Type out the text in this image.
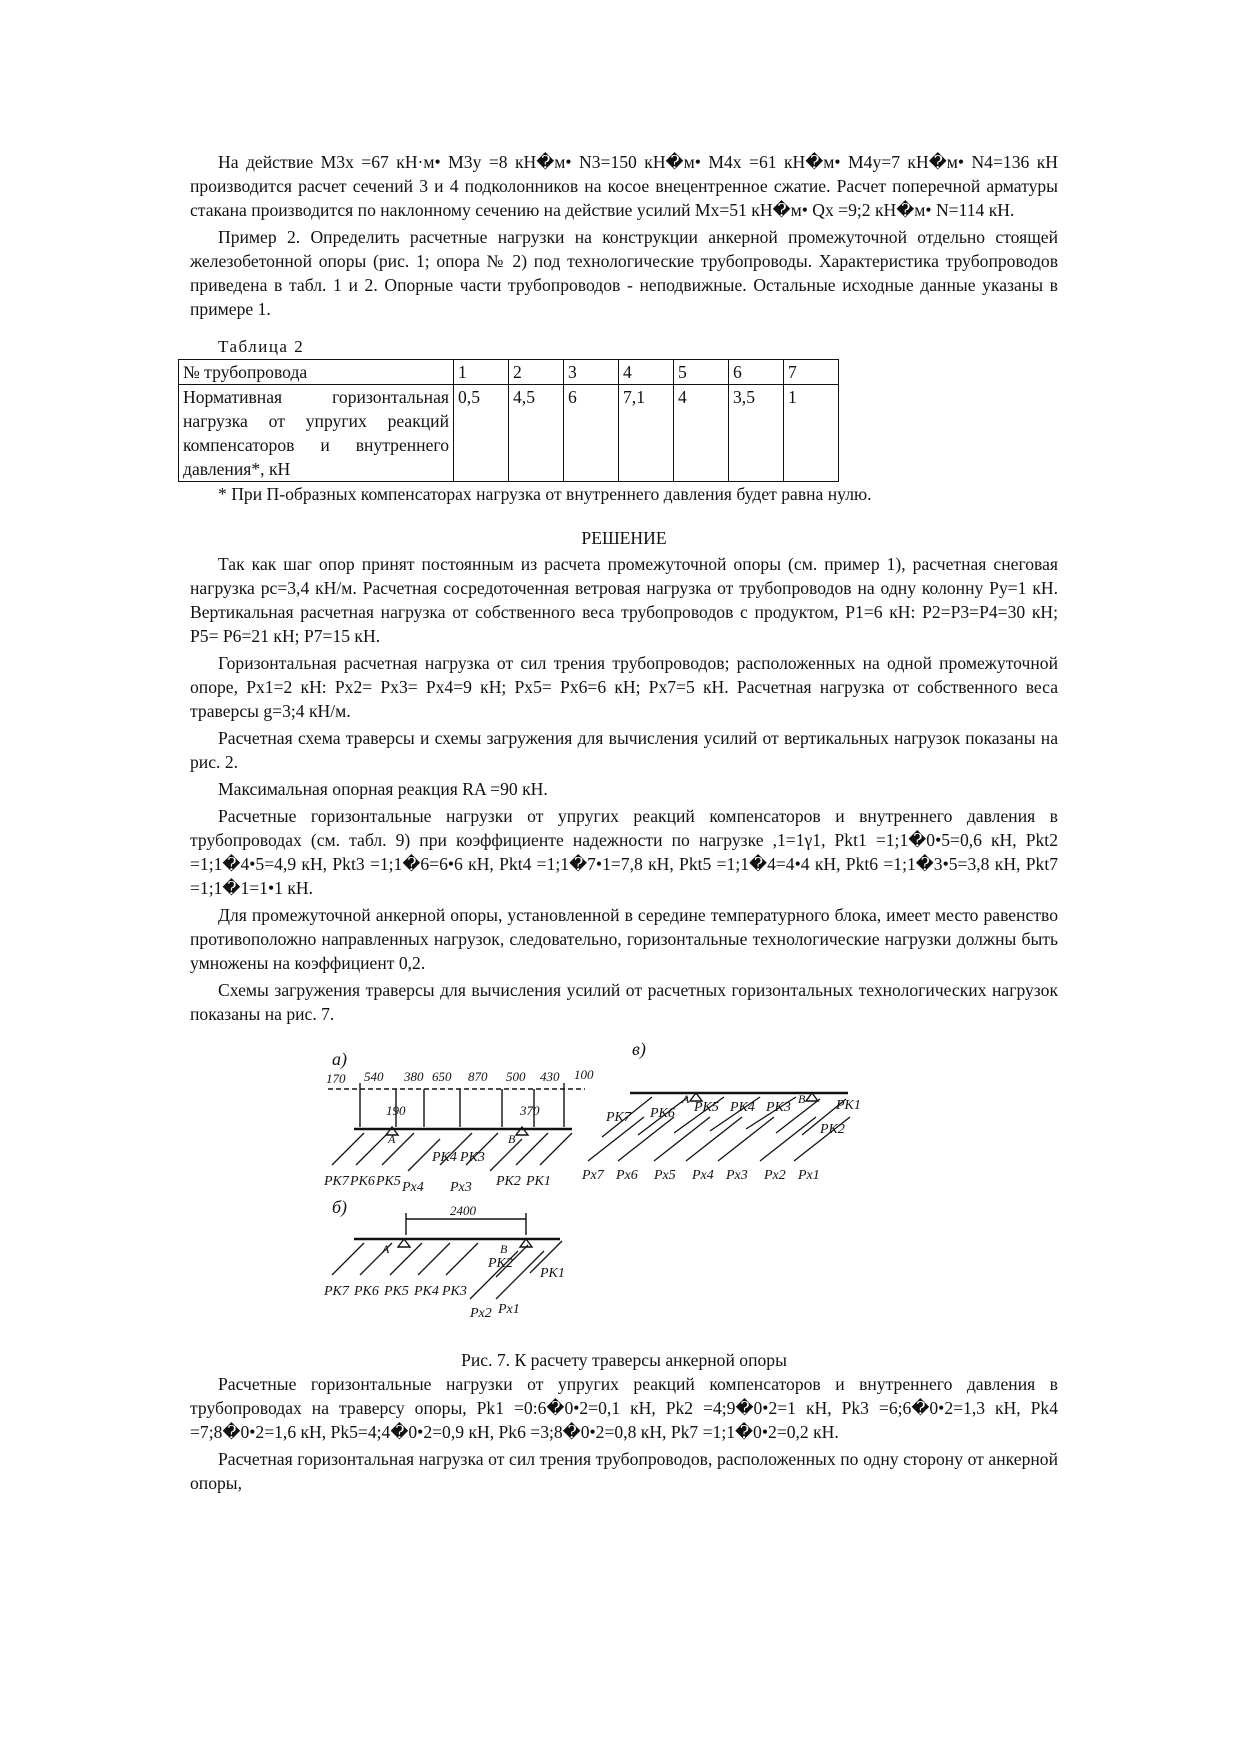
На действие M3x =67 кН·м• M3y =8 кН�м• N3=150 кН�м• M4x =61 кН�м• M4y=7 кН�м• N4=136 кН производится расчет сечений 3 и 4 подколонников на косое внецентренное сжатие. Расчет поперечной арматуры стакана производится по наклонному сечению на действие усилий Mx=51 кН�м• Qx =9;2 кН�м• N=114 кН.

Пример 2. Определить расчетные нагрузки на конструкции анкерной промежуточной отдельно стоящей железобетонной опоры (рис. 1; опора № 2) под технологические трубопроводы. Характеристика трубопроводов приведена в табл. 1 и 2. Опорные части трубопроводов - неподвижные. Остальные исходные данные указаны в примере 1.

Таблица 2
№ трубопровода	1	2	3	4	5	6	7
Нормативная горизонтальная нагрузка от упругих реакций компенсаторов и внутреннего давления*, кН	0,5	4,5	6	7,1	4	3,5	1

* При П-образных компенсаторах нагрузка от внутреннего давления будет равна нулю.

РЕШЕНИЕ

Так как шаг опор принят постоянным из расчета промежуточной опоры (см. пример 1), расчетная снеговая нагрузка pc=3,4 кН/м. Расчетная сосредоточенная ветровая нагрузка от трубопроводов на одну колонну Py=1 кН. Вертикальная расчетная нагрузка от собственного веса трубопроводов с продуктом, P1=6 кН: P2=P3=P4=30 кН; P5= P6=21 кН; P7=15 кН.

Горизонтальная расчетная нагрузка от сил трения трубопроводов; расположенных на одной промежуточной опоре, Px1=2 кН: Px2= Px3= Px4=9 кН; Px5= Px6=6 кН; Px7=5 кН. Расчетная нагрузка от собственного веса траверсы g=3;4 кН/м.

Расчетная схема траверсы и схемы загружения для вычисления усилий от вертикальных нагрузок показаны на рис. 2.

Максимальная опорная реакция RA =90 кН.

Расчетные горизонтальные нагрузки от упругих реакций компенсаторов и внутреннего давления в трубопроводах (см. табл. 9) при коэффициенте надежности по нагрузке ,1=1γ1, Pkt1 =1;1�0•5=0,6 кН, Pkt2 =1;1�4•5=4,9 кН, Pkt3 =1;1�6=6•6 кН, Pkt4 =1;1�7•1=7,8 кН, Pkt5 =1;1�4=4•4 кН, Pkt6 =1;1�3•5=3,8 кН, Pkt7 =1;1�1=1•1 кН.

Для промежуточной анкерной опоры, установленной в середине температурного блока, имеет место равенство противоположно направленных нагрузок, следовательно, горизонтальные технологические нагрузки должны быть умножены на коэффициент 0,2.

Схемы загружения траверсы для вычисления усилий от расчетных горизонтальных технологических нагрузок показаны на рис. 7.

а)
170 540 380 650 870 500 430 100
190	370
A	B
PK7 PK6 PK5 Px4
PK4 PK3
Px3 PK2 PK1
б)	2400
A	B
PK7 PK6 PK5 PK4 PK3
PK2
PK1
Px2 Px1
в)
A	B
PK7 PK6 PK5 PK4 PK3
PK2
PK1
Px7 Px6 Px5 Px4 Px3 Px2 Px1

Рис. 7. К расчету траверсы анкерной опоры

Расчетные горизонтальные нагрузки от упругих реакций компенсаторов и внутреннего давления в трубопроводах на траверсу опоры, Pk1 =0:6�0•2=0,1 кН, Pk2 =4;9�0•2=1 кН, Pk3 =6;6�0•2=1,3 кН, Pk4 =7;8�0•2=1,6 кН, Pk5=4;4�0•2=0,9 кН, Pk6 =3;8�0•2=0,8 кН, Pk7 =1;1�0•2=0,2 кН.

Расчетная горизонтальная нагрузка от сил трения трубопроводов, расположенных по одну сторону от анкерной опоры,
